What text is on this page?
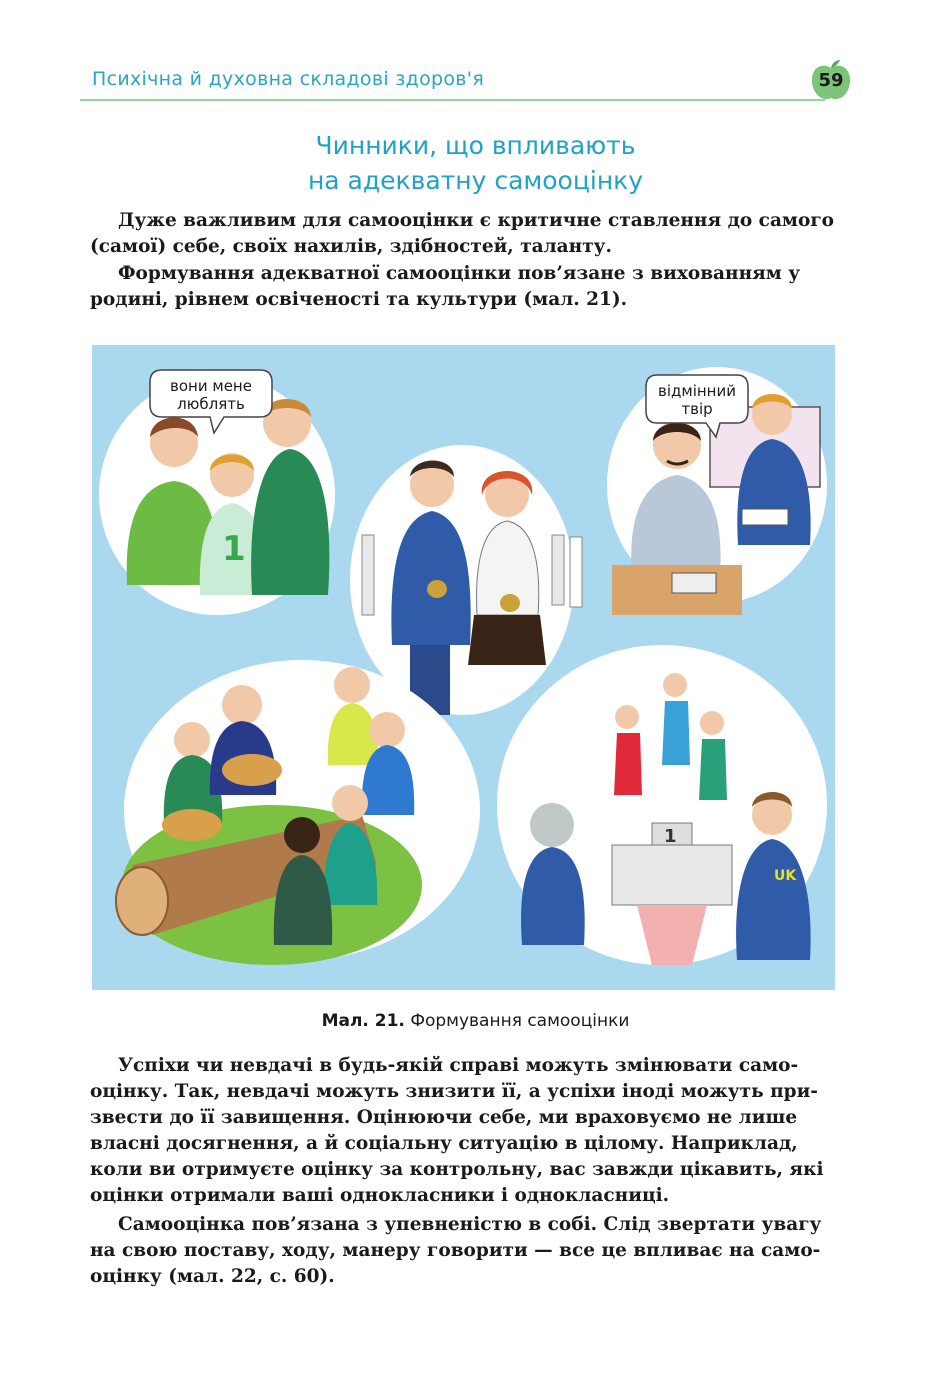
Психічна й духовна складові здоров'я	59
Чинники, що впливають
на адекватну самооцінку
Дуже важливим для самооцінки є критичне ставлення до самого
(самої) себе, своїх нахилів, здібностей, таланту.
Формування адекватної самооцінки пов’язане з вихованням у
родині, рівнем освіченості та культури (мал. 21).
1
вони мене
люблять
відмінний
твір
1
UK
Мал. 21. Формування самооцінки
Успіхи чи невдачі в будь-якій справі можуть змінювати само-
оцінку. Так, невдачі можуть знизити її, а успіхи іноді можуть при-
звести до її завищення. Оцінюючи себе, ми враховуємо не лише
власні досягнення, а й соціальну ситуацію в цілому. Наприклад,
коли ви отримуєте оцінку за контрольну, вас завжди цікавить, які
оцінки отримали ваші однокласники і однокласниці.
Самооцінка пов’язана з упевненістю в собі. Слід звертати увагу
на свою поставу, ходу, манеру говорити — все це впливає на само-
оцінку (мал. 22, с. 60).
